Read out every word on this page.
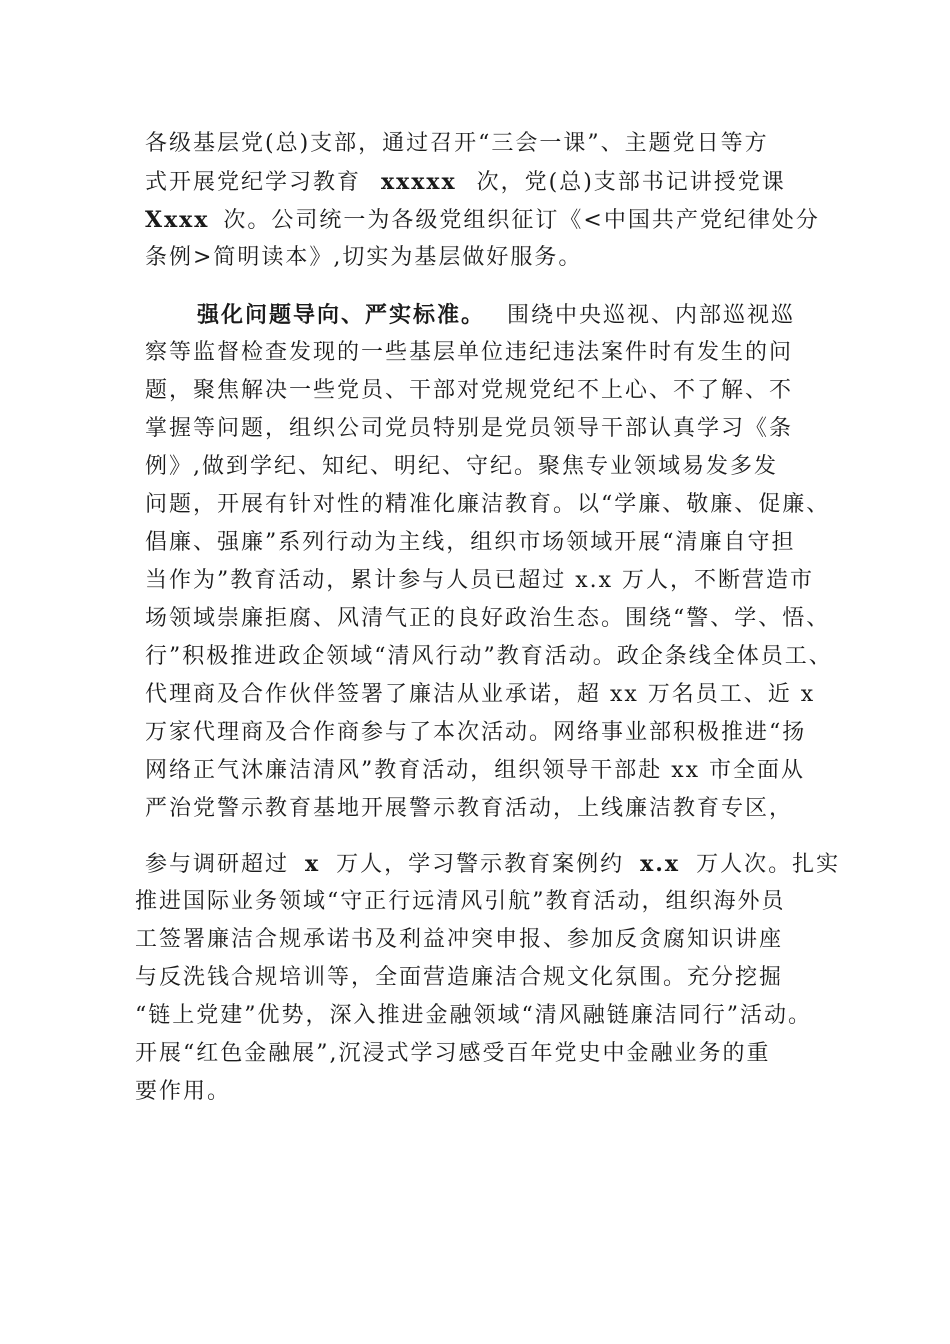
各级基层党(总)支部，通过召开“三会一课”、主题党日等方
式开展党纪学习教育 xxxxx 次，党(总)支部书记讲授党课
Xxxx 次。公司统一为各级党组织征订《<中国共产党纪律处分
条例>简明读本》,切实为基层做好服务。
强化问题导向、严实标准。 围绕中央巡视、内部巡视巡
察等监督检查发现的一些基层单位违纪违法案件时有发生的问
题，聚焦解决一些党员、干部对党规党纪不上心、不了解、不
掌握等问题，组织公司党员特别是党员领导干部认真学习《条
例》,做到学纪、知纪、明纪、守纪。聚焦专业领域易发多发
问题，开展有针对性的精准化廉洁教育。以“学廉、敬廉、促廉、
倡廉、强廉”系列行动为主线，组织市场领域开展“清廉自守担
当作为”教育活动，累计参与人员已超过 x.x 万人，不断营造市
场领域崇廉拒腐、风清气正的良好政治生态。围绕“警、学、悟、
行”积极推进政企领域“清风行动”教育活动。政企条线全体员工、
代理商及合作伙伴签署了廉洁从业承诺，超 xx 万名员工、近 x
万家代理商及合作商参与了本次活动。网络事业部积极推进“扬
网络正气沐廉洁清风”教育活动，组织领导干部赴 xx 市全面从
严治党警示教育基地开展警示教育活动，上线廉洁教育专区，
参与调研超过 x 万人，学习警示教育案例约 x.x 万人次。扎实
推进国际业务领域“守正行远清风引航”教育活动，组织海外员
工签署廉洁合规承诺书及利益冲突申报、参加反贪腐知识讲座
与反洗钱合规培训等，全面营造廉洁合规文化氛围。充分挖掘
“链上党建”优势，深入推进金融领域“清风融链廉洁同行”活动。
开展“红色金融展”,沉浸式学习感受百年党史中金融业务的重
要作用。
